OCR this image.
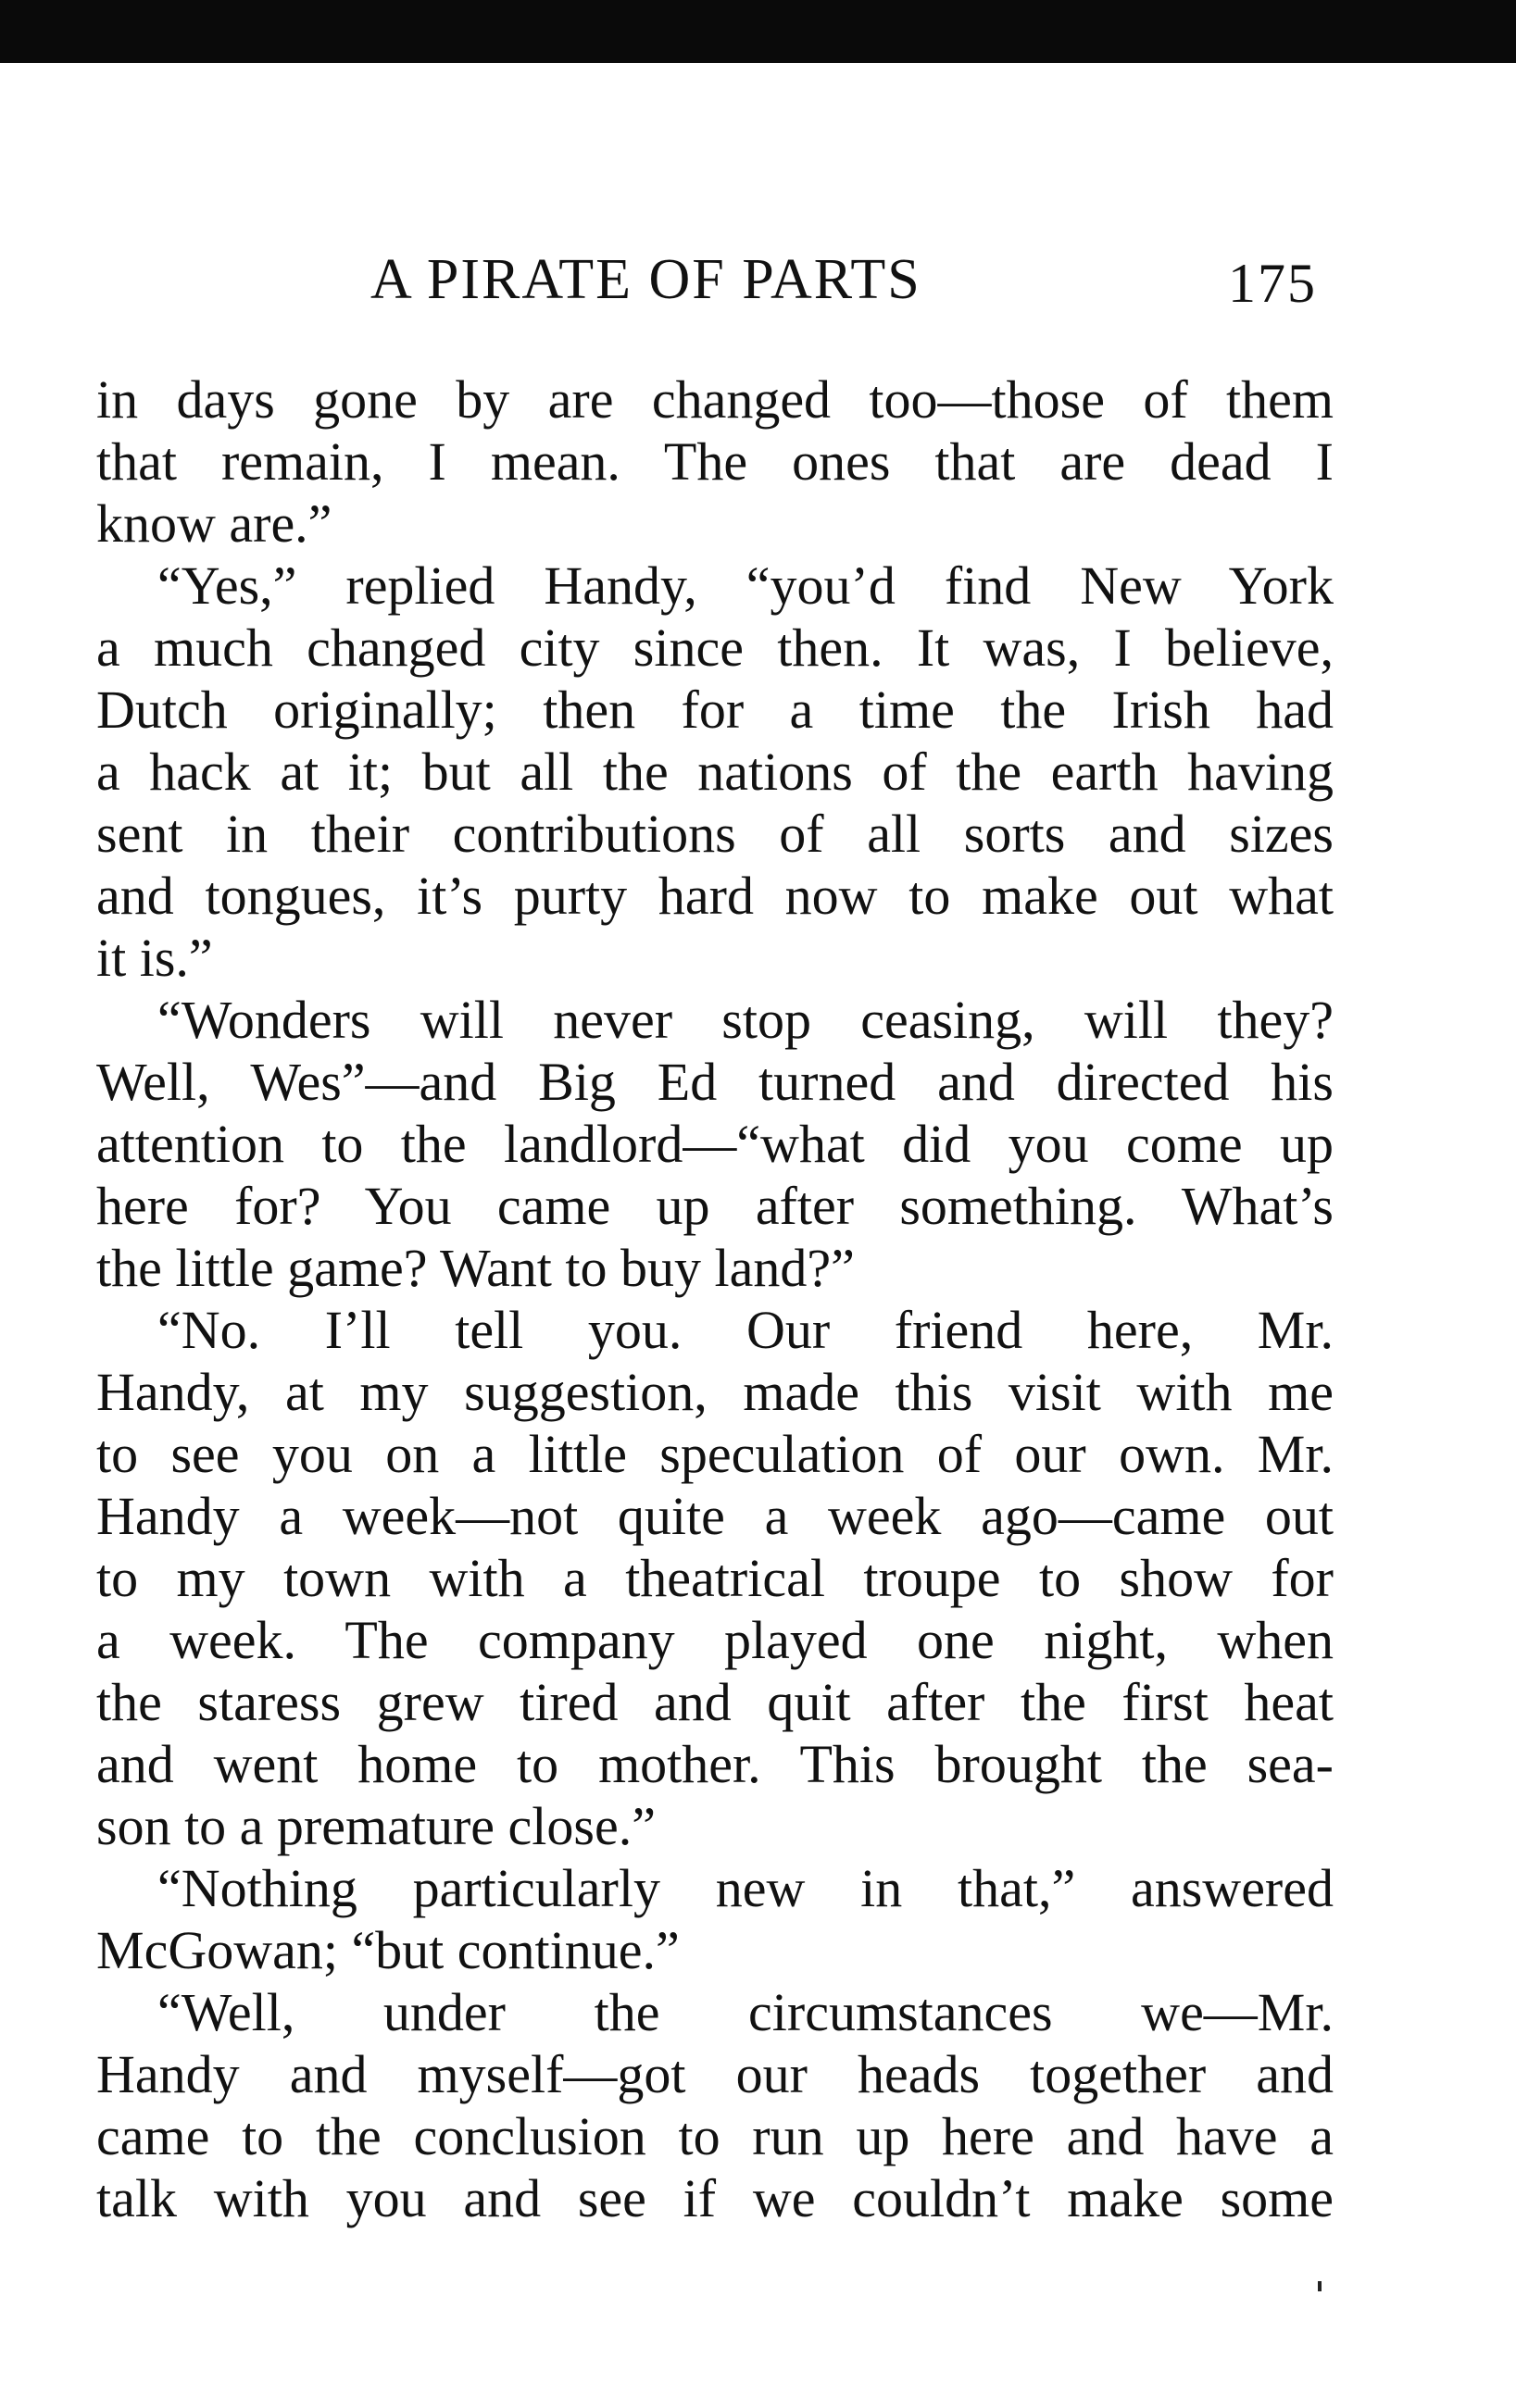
A PIRATE OF PARTS	175
in days gone by are changed too—those of them
that remain, I mean. The ones that are dead I
know are.”
“Yes,” replied Handy, “you’d find New York
a much changed city since then. It was, I believe,
Dutch originally; then for a time the Irish had
a hack at it; but all the nations of the earth having
sent in their contributions of all sorts and sizes
and tongues, it’s purty hard now to make out what
it is.”
“Wonders will never stop ceasing, will they?
Well, Wes”—and Big Ed turned and directed his
attention to the landlord—“what did you come up
here for? You came up after something. What’s
the little game? Want to buy land?”
“No. I’ll tell you. Our friend here, Mr.
Handy, at my suggestion, made this visit with me
to see you on a little speculation of our own. Mr.
Handy a week—not quite a week ago—came out
to my town with a theatrical troupe to show for
a week. The company played one night, when
the staress grew tired and quit after the first heat
and went home to mother. This brought the sea-
son to a premature close.”
“Nothing particularly new in that,” answered
McGowan; “but continue.”
“Well, under the circumstances we—Mr.
Handy and myself—got our heads together and
came to the conclusion to run up here and have a
talk with you and see if we couldn’t make some
